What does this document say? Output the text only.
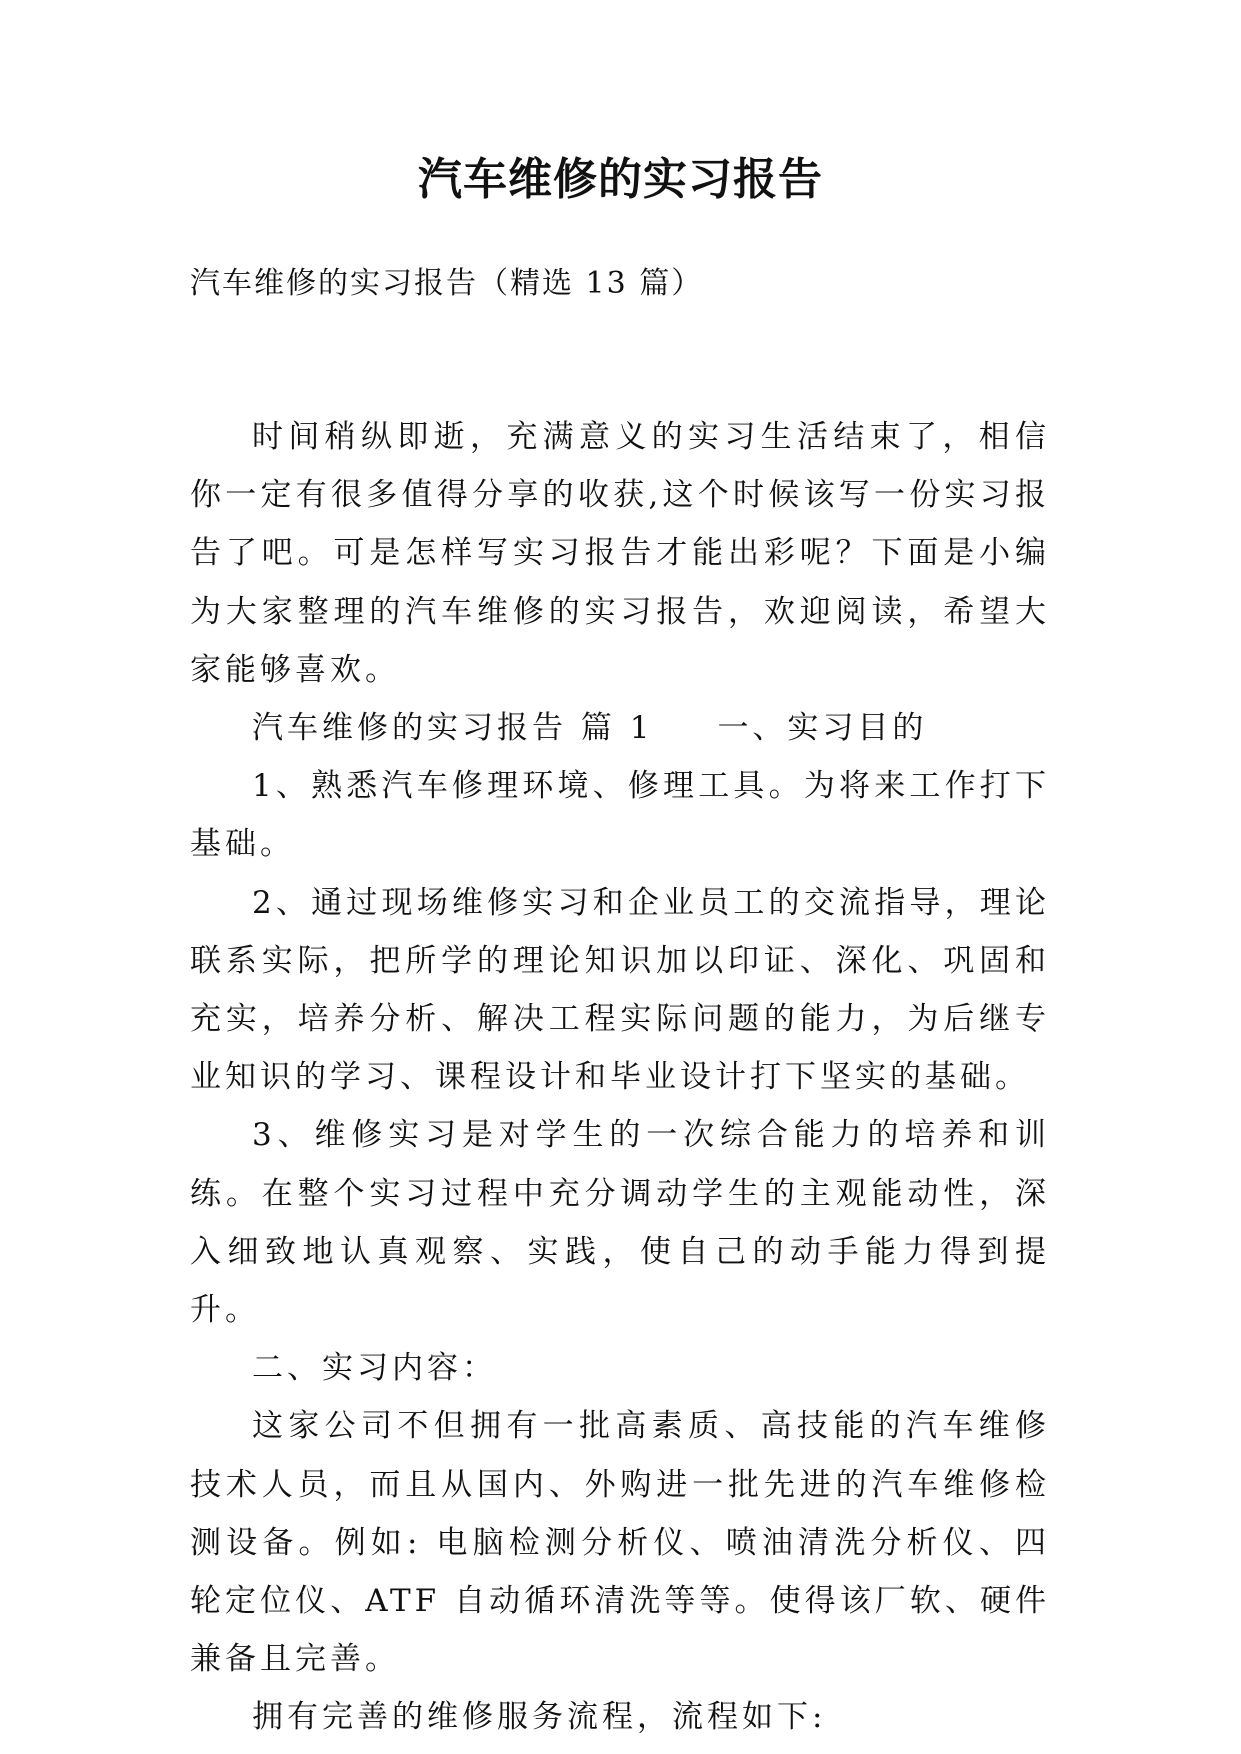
汽车维修的实习报告
汽车维修的实习报告（精选 13 篇）

时间稍纵即逝，充满意义的实习生活结束了，相信你一定有很多值得分享的收获,这个时候该写一份实习报告了吧。可是怎样写实习报告才能出彩呢？下面是小编为大家整理的汽车维修的实习报告，欢迎阅读，希望大家能够喜欢。

汽车维修的实习报告 篇 1 一、实习目的

1、熟悉汽车修理环境、修理工具。为将来工作打下基础。

2、通过现场维修实习和企业员工的交流指导，理论联系实际，把所学的理论知识加以印证、深化、巩固和充实，培养分析、解决工程实际问题的能力，为后继专业知识的学习、课程设计和毕业设计打下坚实的基础。

3、维修实习是对学生的一次综合能力的培养和训练。在整个实习过程中充分调动学生的主观能动性，深入细致地认真观察、实践，使自己的动手能力得到提升。

二、实习内容：

这家公司不但拥有一批高素质、高技能的汽车维修技术人员，而且从国内、外购进一批先进的汽车维修检测设备。例如: 电脑检测分析仪、喷油清洗分析仪、四轮定位仪、ATF 自动循环清洗等等。使得该厂软、硬件兼备且完善。

拥有完善的维修服务流程，流程如下:
